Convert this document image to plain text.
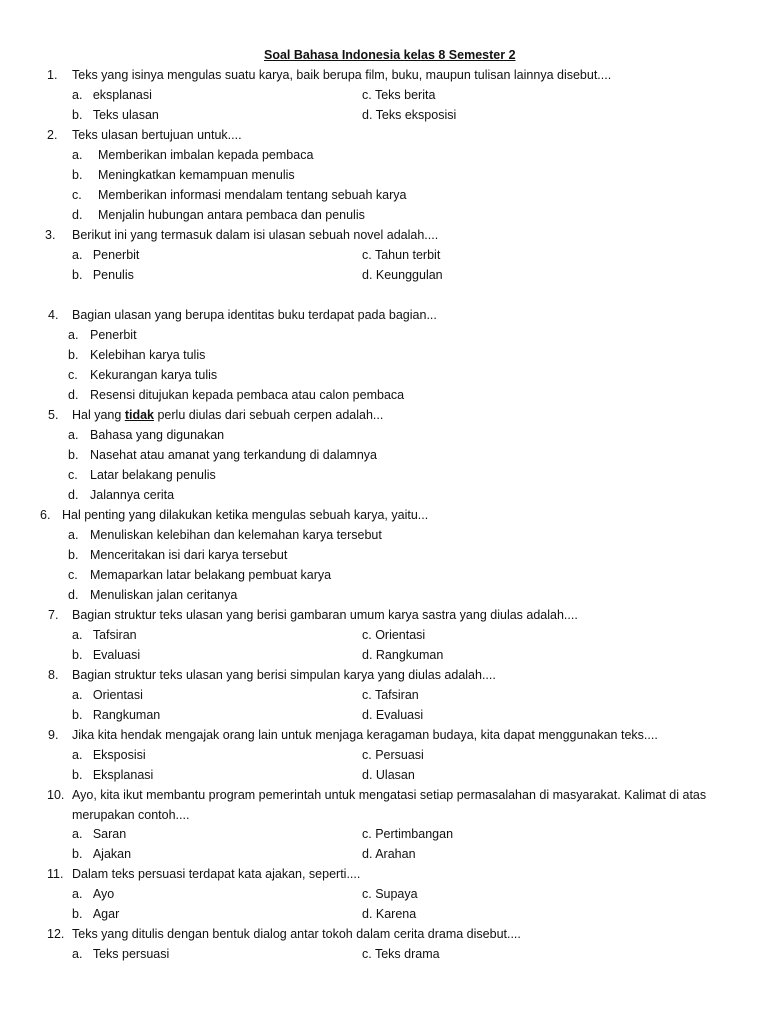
Soal Bahasa Indonesia kelas 8 Semester 2
1. Teks yang isinya mengulas suatu karya, baik berupa film, buku, maupun tulisan lainnya disebut....
a.   eksplanasi	c. Teks berita
b.   Teks ulasan	d. Teks eksposisi
2. Teks ulasan bertujuan untuk....
a. Memberikan imbalan kepada pembaca
b. Meningkatkan kemampuan menulis
c. Memberikan informasi mendalam tentang sebuah karya
d. Menjalin hubungan antara pembaca dan penulis
3. Berikut ini yang termasuk dalam isi ulasan sebuah novel adalah....
a.   Penerbit	c. Tahun terbit
b.   Penulis	d. Keunggulan
4. Bagian ulasan yang berupa identitas buku terdapat pada bagian...
a. Penerbit
b. Kelebihan karya tulis
c. Kekurangan karya tulis
d. Resensi ditujukan kepada pembaca atau calon pembaca
5. Hal yang tidak perlu diulas dari sebuah cerpen adalah...
a. Bahasa yang digunakan
b. Nasehat atau amanat yang terkandung di dalamnya
c. Latar belakang penulis
d. Jalannya cerita
6. Hal penting yang dilakukan ketika mengulas sebuah karya, yaitu...
a. Menuliskan kelebihan dan kelemahan karya tersebut
b. Menceritakan isi dari karya tersebut
c. Memaparkan latar belakang pembuat karya
d. Menuliskan jalan ceritanya
7. Bagian struktur teks ulasan yang berisi gambaran umum karya sastra yang diulas adalah....
a.   Tafsiran	c. Orientasi
b.   Evaluasi	d. Rangkuman
8. Bagian struktur teks ulasan yang berisi simpulan karya yang diulas adalah....
a.   Orientasi	c. Tafsiran
b.   Rangkuman	d. Evaluasi
9. Jika kita hendak mengajak orang lain untuk menjaga keragaman budaya, kita dapat menggunakan teks....
a.   Eksposisi	c. Persuasi
b.   Eksplanasi	d. Ulasan
10. Ayo, kita ikut membantu program pemerintah untuk mengatasi setiap permasalahan di masyarakat. Kalimat di atas
merupakan contoh....
a.   Saran	c. Pertimbangan
b.   Ajakan	d. Arahan
11. Dalam teks persuasi terdapat kata ajakan, seperti....
a.   Ayo	c. Supaya
b.   Agar	d. Karena
12. Teks yang ditulis dengan bentuk dialog antar tokoh dalam cerita drama disebut....
a.   Teks persuasi	c. Teks drama
